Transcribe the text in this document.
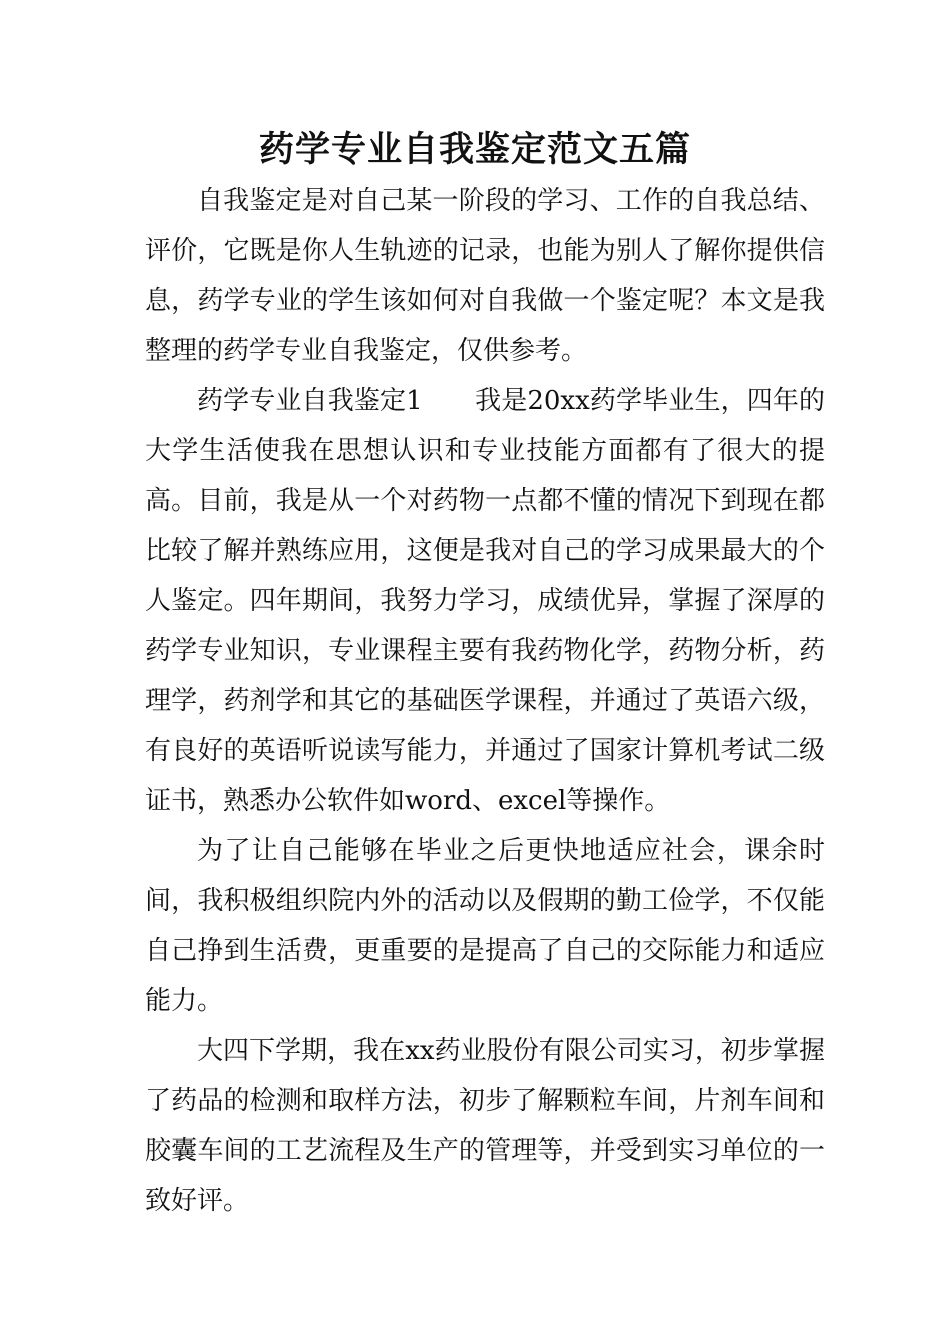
药学专业自我鉴定范文五篇

自我鉴定是对自己某一阶段的学习、工作的自我总结、评价，它既是你人生轨迹的记录，也能为别人了解你提供信息，药学专业的学生该如何对自我做一个鉴定呢？本文是我整理的药学专业自我鉴定，仅供参考。

药学专业自我鉴定1　　我是20xx药学毕业生，四年的大学生活使我在思想认识和专业技能方面都有了很大的提高。目前，我是从一个对药物一点都不懂的情况下到现在都比较了解并熟练应用，这便是我对自己的学习成果最大的个人鉴定。四年期间，我努力学习，成绩优异，掌握了深厚的药学专业知识，专业课程主要有我药物化学，药物分析，药理学，药剂学和其它的基础医学课程，并通过了英语六级，有良好的英语听说读写能力，并通过了国家计算机考试二级证书，熟悉办公软件如word、excel等操作。

为了让自己能够在毕业之后更快地适应社会，课余时间，我积极组织院内外的活动以及假期的勤工俭学，不仅能自己挣到生活费，更重要的是提高了自己的交际能力和适应能力。

大四下学期，我在xx药业股份有限公司实习，初步掌握了药品的检测和取样方法，初步了解颗粒车间，片剂车间和胶囊车间的工艺流程及生产的管理等，并受到实习单位的一致好评。
